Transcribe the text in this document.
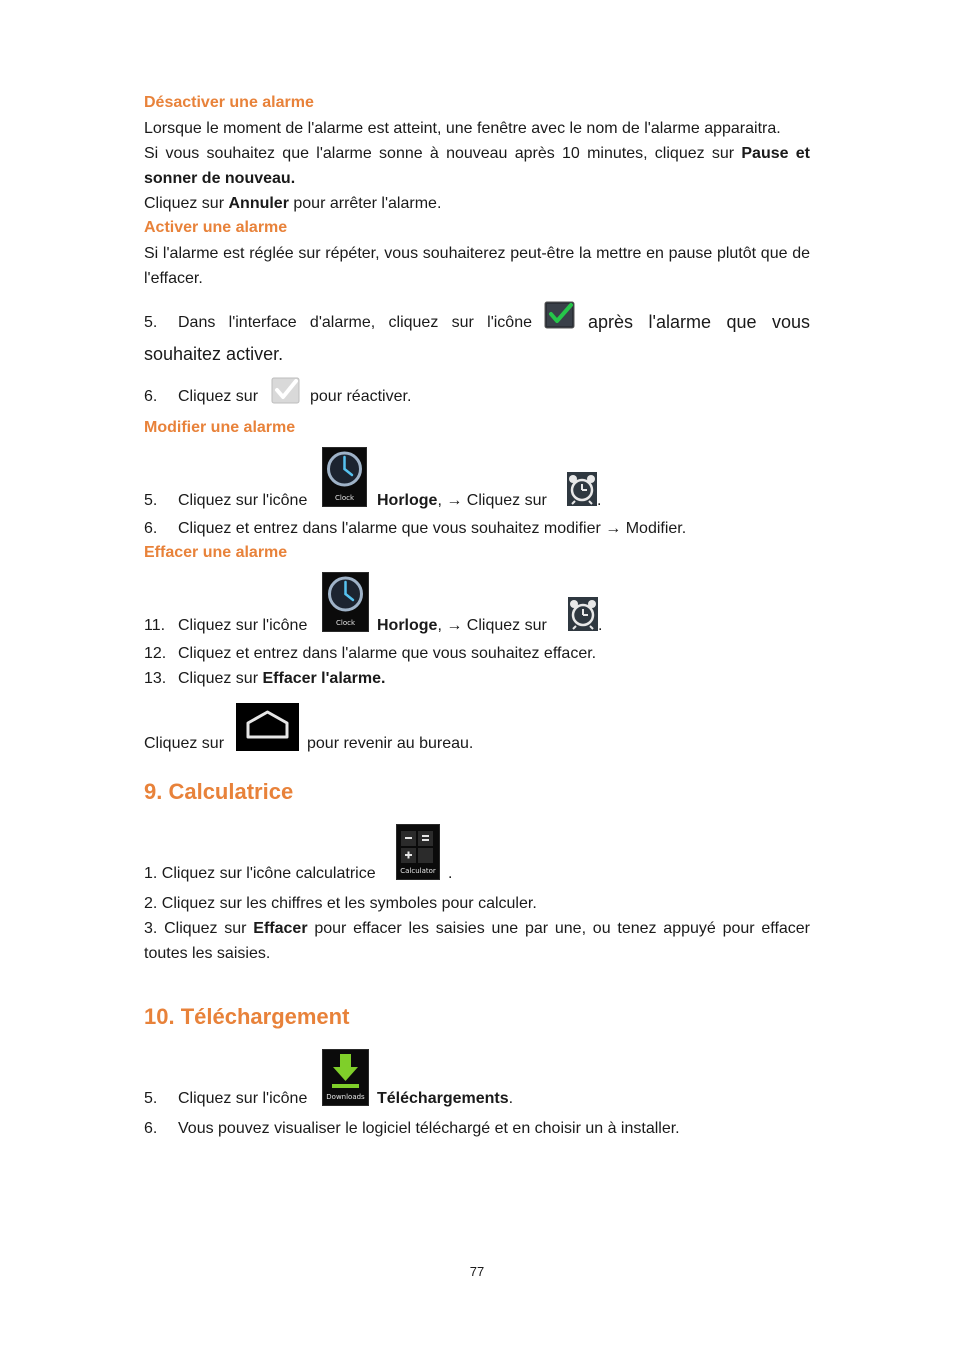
Désactiver une alarme
Lorsque le moment de l'alarme est atteint, une fenêtre avec le nom de l'alarme apparaitra.
Si vous souhaitez que l'alarme sonne à nouveau après 10 minutes, cliquez sur Pause et sonner de nouveau.
Cliquez sur Annuler pour arrêter l'alarme.
Activer une alarme
Si l'alarme est réglée sur répéter, vous souhaiterez peut-être la mettre en pause plutôt que de l'effacer.
5. Dans l'interface d'alarme, cliquez sur l'icône	après l'alarme que vous
souhaitez activer.
6. Cliquez sur	pour réactiver.
Modifier une alarme
5. Cliquez sur l'icône	Clock	Horloge, → Cliquez sur	.
6. Cliquez et entrez dans l'alarme que vous souhaitez modifier → Modifier.
Effacer une alarme
11. Cliquez sur l'icône	Clock	Horloge, → Cliquez sur	.
12. Cliquez et entrez dans l'alarme que vous souhaitez effacer.
13. Cliquez sur Effacer l'alarme.
Cliquez sur	pour revenir au bureau.
9. Calculatrice
1. Cliquez sur l'icône calculatrice	Calculator .
2. Cliquez sur les chiffres et les symboles pour calculer.
3. Cliquez sur Effacer pour effacer les saisies une par une, ou tenez appuyé pour effacer toutes les saisies.
10. Téléchargement
5. Cliquez sur l'icône	Downloads Téléchargements.
6. Vous pouvez visualiser le logiciel téléchargé et en choisir un à installer.
77
